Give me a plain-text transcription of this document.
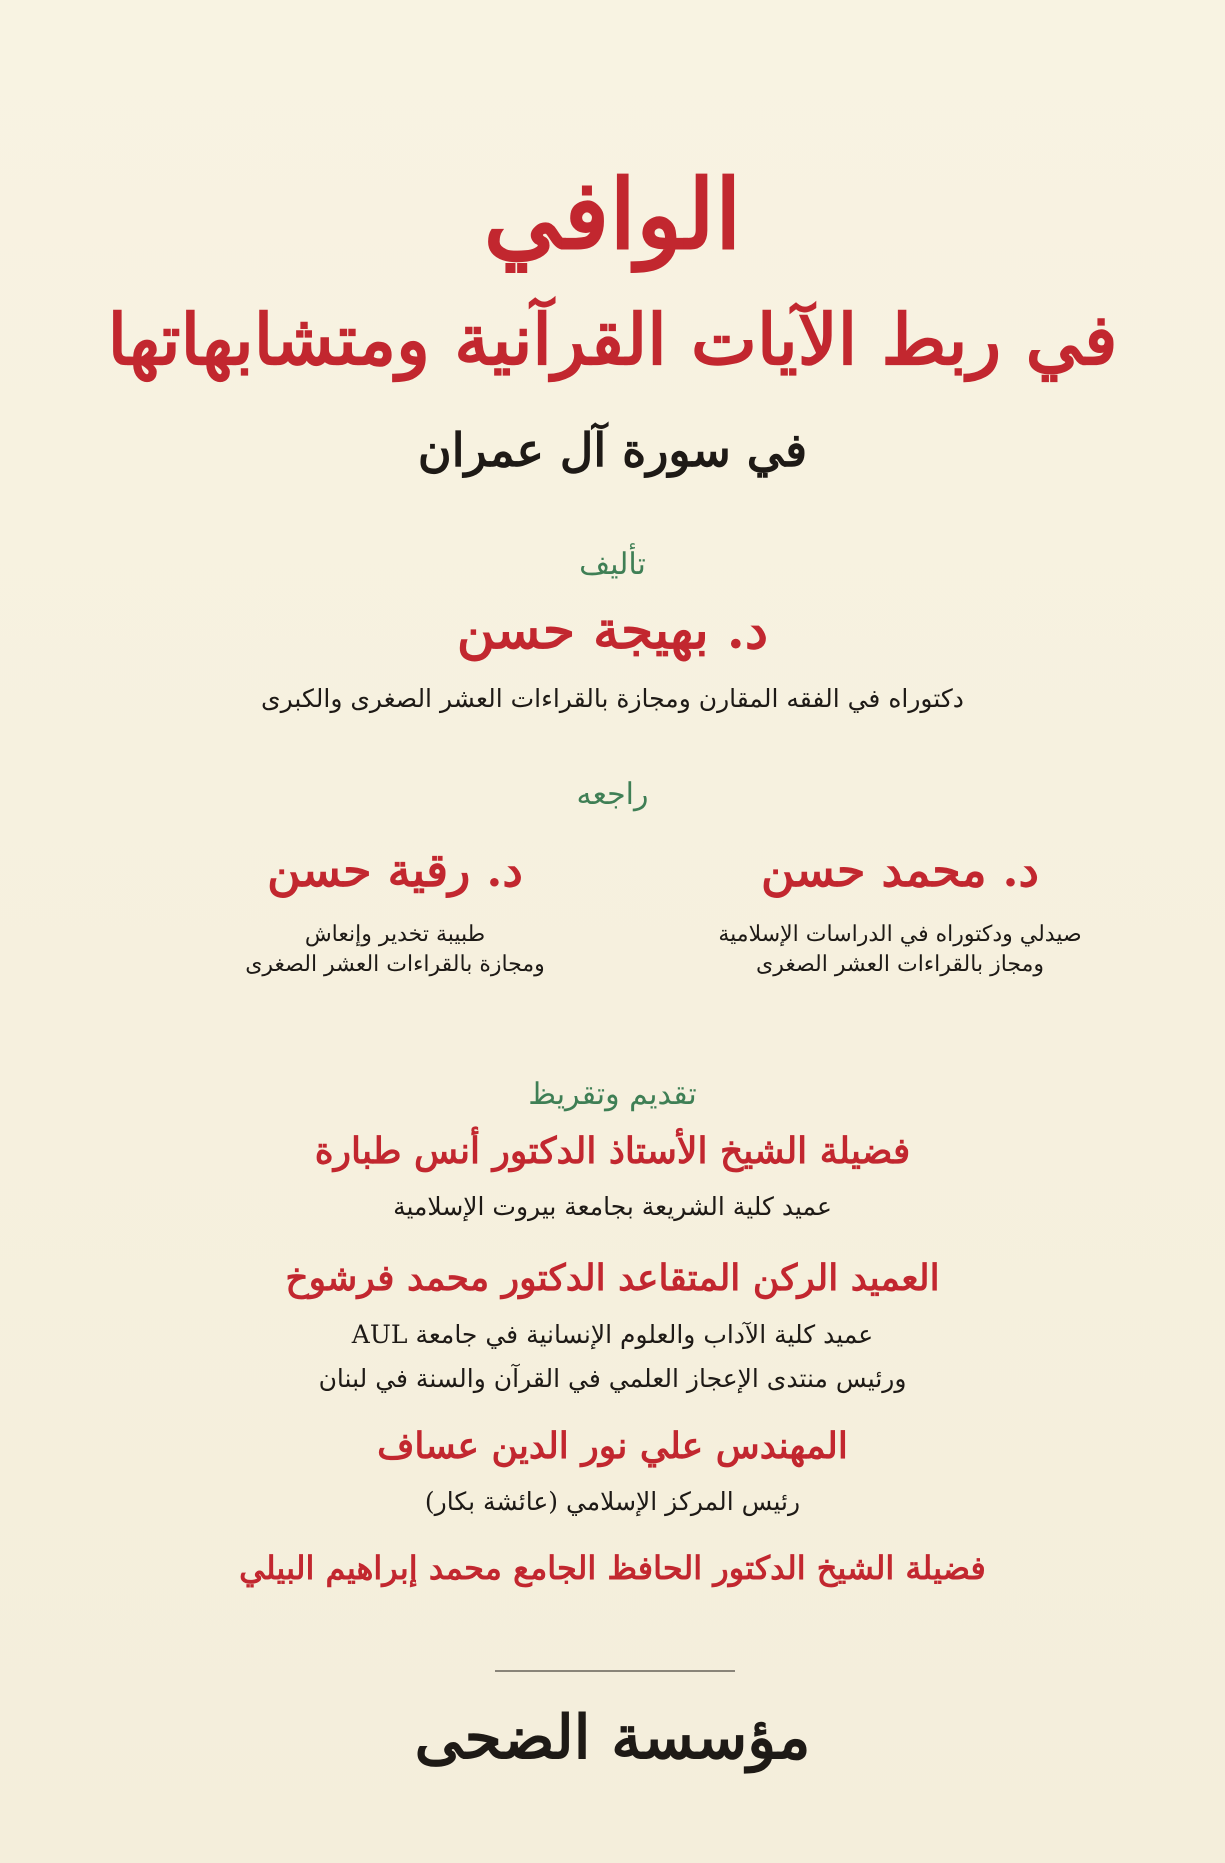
الوافي
في ربط الآيات القرآنية ومتشابهاتها
في سورة آل عمران
تأليف
د. بهيجة حسن
دكتوراه في الفقه المقارن ومجازة بالقراءات العشر الصغرى والكبرى
راجعه
د. محمد حسن
صيدلي ودكتوراه في الدراسات الإسلامية
ومجاز بالقراءات العشر الصغرى
د. رقية حسن
طبيبة تخدير وإنعاش
ومجازة بالقراءات العشر الصغرى
تقديم وتقريظ
فضيلة الشيخ الأستاذ الدكتور أنس طبارة
عميد كلية الشريعة بجامعة بيروت الإسلامية
العميد الركن المتقاعد الدكتور محمد فرشوخ
عميد كلية الآداب والعلوم الإنسانية في جامعة AUL
ورئيس منتدى الإعجاز العلمي في القرآن والسنة في لبنان
المهندس علي نور الدين عساف
رئيس المركز الإسلامي (عائشة بكار)
فضيلة الشيخ الدكتور الحافظ الجامع محمد إبراهيم البيلي
مؤسسة الضحى
